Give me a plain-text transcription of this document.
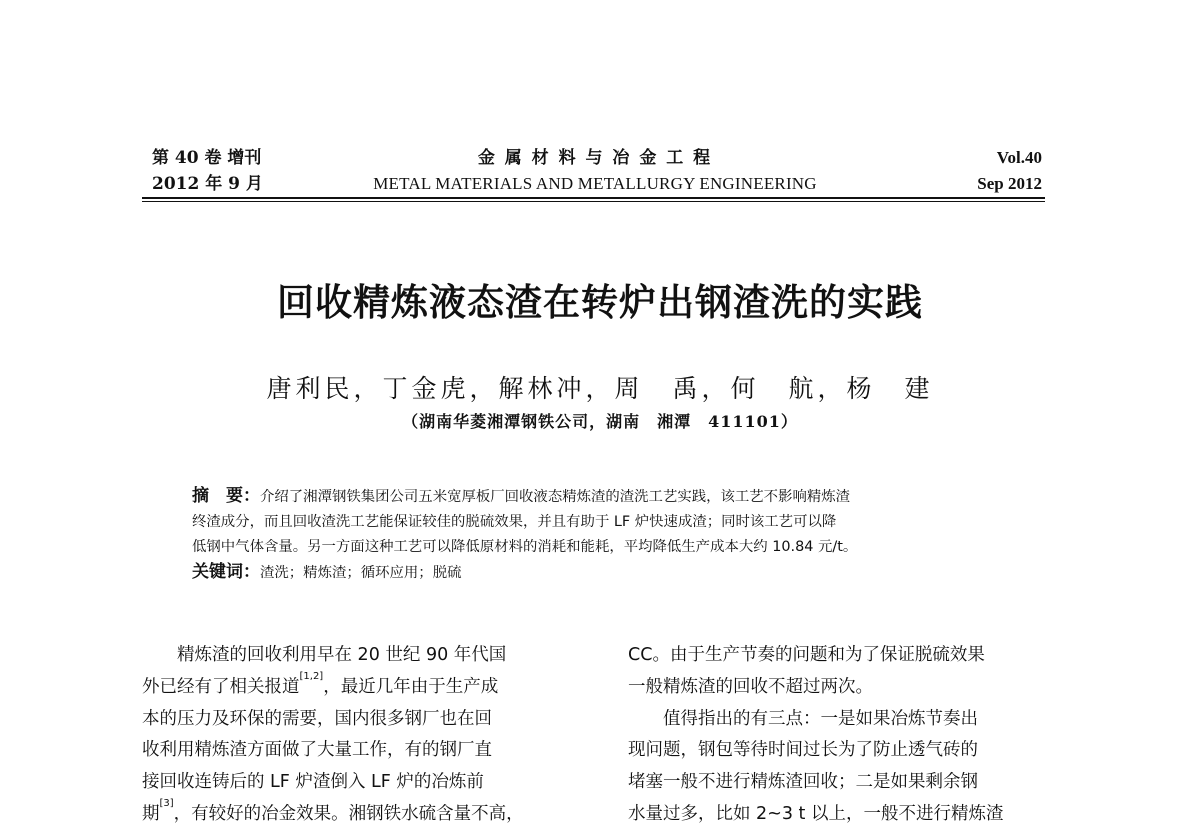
第 40 卷 增刊
2012 年 9 月
金 属 材 料 与 冶 金 工 程
METAL MATERIALS AND METALLURGY ENGINEERING
Vol.40
Sep 2012
回收精炼液态渣在转炉出钢渣洗的实践
唐利民，丁金虎，解林冲，周　禹，何　航，杨　建
（湖南华菱湘潭钢铁公司，湖南　湘潭　411101）
摘　要：介绍了湘潭钢铁集团公司五米宽厚板厂回收液态精炼渣的渣洗工艺实践，该工艺不影响精炼渣
终渣成分，而且回收渣洗工艺能保证较佳的脱硫效果，并且有助于 LF 炉快速成渣；同时该工艺可以降
低钢中气体含量。另一方面这种工艺可以降低原材料的消耗和能耗，平均降低生产成本大约 10.84 元/t。
关键词：渣洗；精炼渣；循环应用；脱硫
精炼渣的回收利用早在 20 世纪 90 年代国
外已经有了相关报道[1,2]，最近几年由于生产成
本的压力及环保的需要，国内很多钢厂也在回
收利用精炼渣方面做了大量工作，有的钢厂直
接回收连铸后的 LF 炉渣倒入 LF 炉的冶炼前
期[3]，有较好的冶金效果。湘钢铁水硫含量不高，
CC。由于生产节奏的问题和为了保证脱硫效果
一般精炼渣的回收不超过两次。
值得指出的有三点：一是如果冶炼节奏出
现问题，钢包等待时间过长为了防止透气砖的
堵塞一般不进行精炼渣回收；二是如果剩余钢
水量过多，比如 2~3 t 以上，一般不进行精炼渣
